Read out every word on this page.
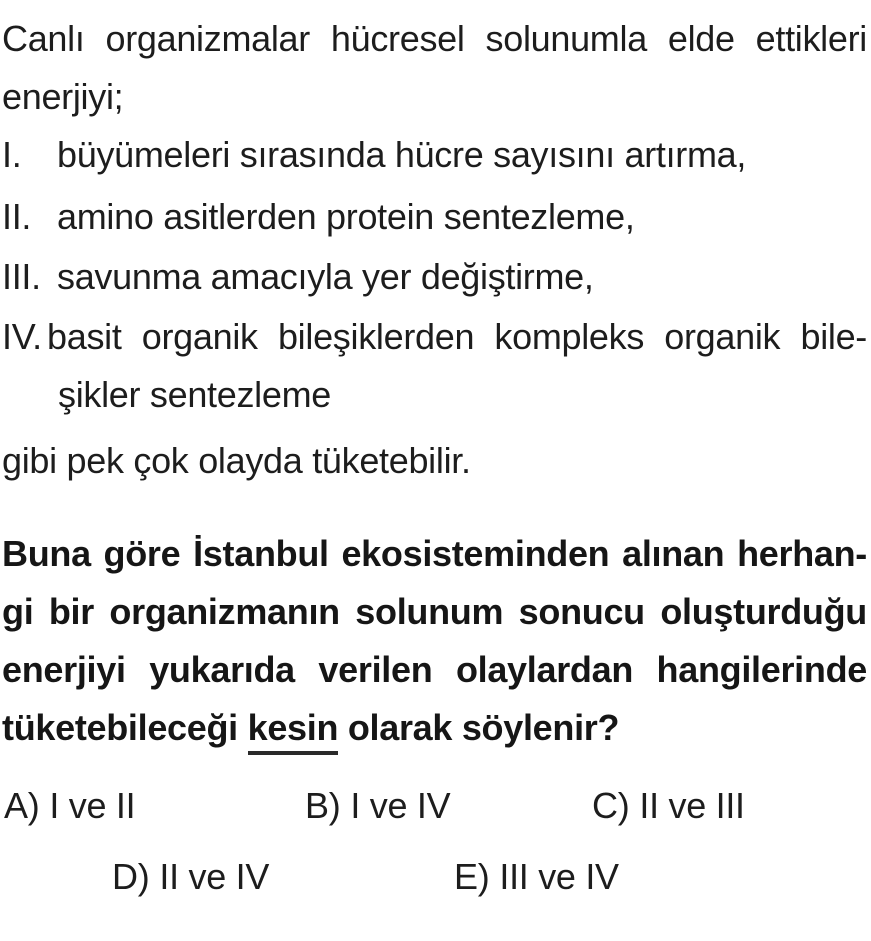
Canlı organizmalar hücresel solunumla elde ettikleri
enerjiyi;
I. büyümeleri sırasında hücre sayısını artırma,
II. amino asitlerden protein sentezleme,
III. savunma amacıyla yer değiştirme,
IV. basit organik bileşiklerden kompleks organik bile-
şikler sentezleme
gibi pek çok olayda tüketebilir.
Buna göre İstanbul ekosisteminden alınan herhan-
gi bir organizmanın solunum sonucu oluşturduğu
enerjiyi yukarıda verilen olaylardan hangilerinde
tüketebileceği kesin olarak söylenir?
A) I ve II	B) I ve IV	C) II ve III
D) II ve IV	E) III ve IV
